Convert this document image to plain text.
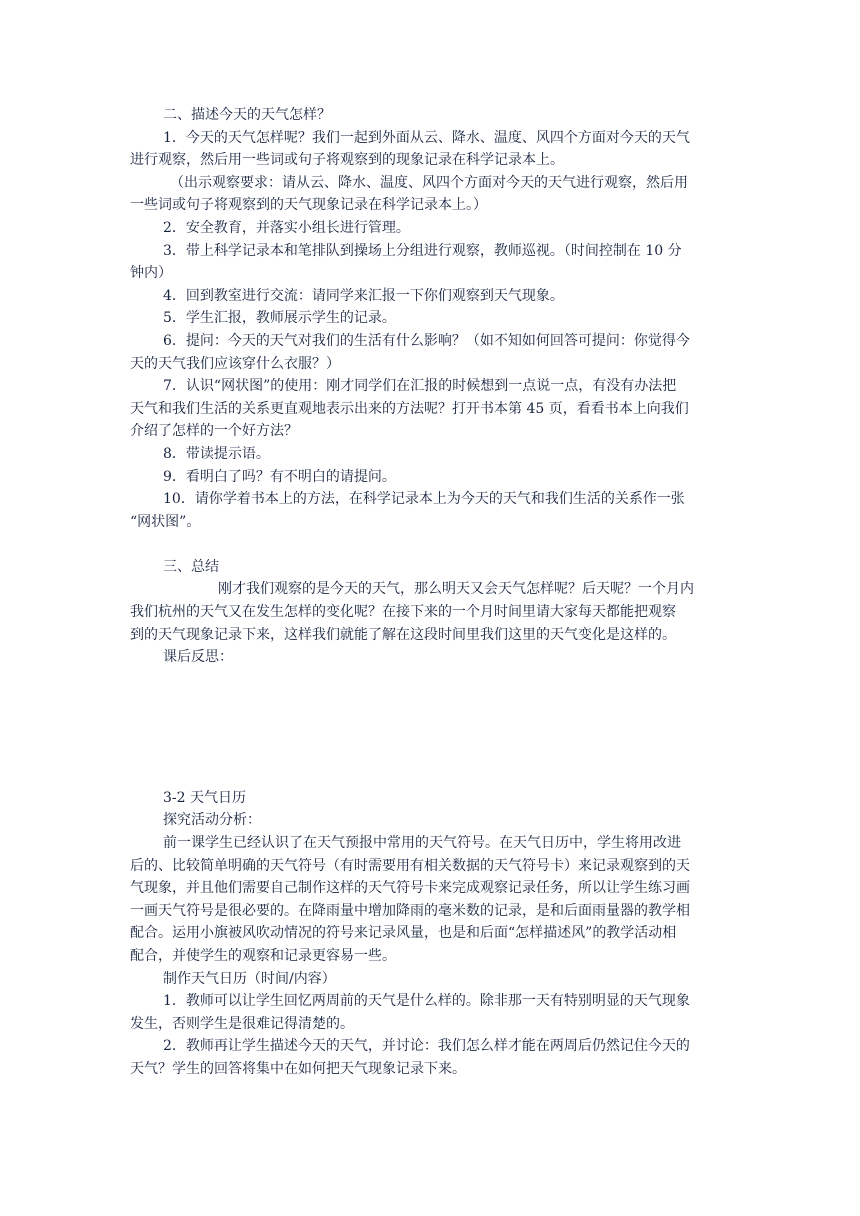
二、描述今天的天气怎样？

1．今天的天气怎样呢？我们一起到外面从云、降水、温度、风四个方面对今天的天气

进行观察，然后用一些词或句子将观察到的现象记录在科学记录本上。

（出示观察要求：请从云、降水、温度、风四个方面对今天的天气进行观察，然后用

一些词或句子将观察到的天气现象记录在科学记录本上。）

2．安全教育，并落实小组长进行管理。

3．带上科学记录本和笔排队到操场上分组进行观察，教师巡视。（时间控制在 10 分

钟内）

4．回到教室进行交流：请同学来汇报一下你们观察到天气现象。

5．学生汇报，教师展示学生的记录。

6．提问：今天的天气对我们的生活有什么影响？（如不知如何回答可提问：你觉得今

天的天气我们应该穿什么衣服？）

7．认识“网状图”的使用：刚才同学们在汇报的时候想到一点说一点，有没有办法把

天气和我们生活的关系更直观地表示出来的方法呢？打开书本第 45 页，看看书本上向我们

介绍了怎样的一个好方法？

8．带读提示语。

9．看明白了吗？有不明白的请提问。

10．请你学着书本上的方法，在科学记录本上为今天的天气和我们生活的关系作一张

“网状图”。

三、总结

刚才我们观察的是今天的天气，那么明天又会天气怎样呢？后天呢？一个月内

我们杭州的天气又在发生怎样的变化呢？在接下来的一个月时间里请大家每天都能把观察

到的天气现象记录下来，这样我们就能了解在这段时间里我们这里的天气变化是这样的。

课后反思：

3-2 天气日历

探究活动分析：

前一课学生已经认识了在天气预报中常用的天气符号。在天气日历中，学生将用改进

后的、比较简单明确的天气符号（有时需要用有相关数据的天气符号卡）来记录观察到的天

气现象，并且他们需要自己制作这样的天气符号卡来完成观察记录任务，所以让学生练习画

一画天气符号是很必要的。在降雨量中增加降雨的毫米数的记录，是和后面雨量器的教学相

配合。运用小旗被风吹动情况的符号来记录风量，也是和后面“怎样描述风”的教学活动相

配合，并使学生的观察和记录更容易一些。

制作天气日历（时间/内容）

1．教师可以让学生回忆两周前的天气是什么样的。除非那一天有特别明显的天气现象

发生，否则学生是很难记得清楚的。

2．教师再让学生描述今天的天气，并讨论：我们怎么样才能在两周后仍然记住今天的

天气？学生的回答将集中在如何把天气现象记录下来。
